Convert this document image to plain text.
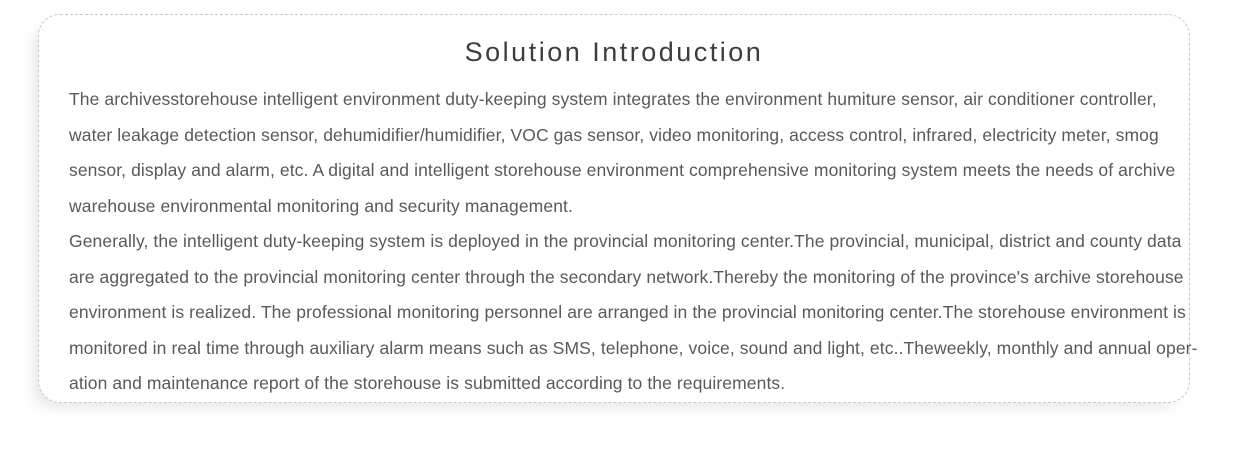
Solution Introduction

The archivesstorehouse intelligent environment duty-keeping system integrates the environment humiture sensor, air conditioner controller,
water leakage detection sensor, dehumidifier/humidifier, VOC gas sensor, video monitoring, access control, infrared, electricity meter, smog
sensor, display and alarm, etc. A digital and intelligent storehouse environment comprehensive monitoring system meets the needs of archive
warehouse environmental monitoring and security management.

Generally, the intelligent duty-keeping system is deployed in the provincial monitoring center.The provincial, municipal, district and county data
are aggregated to the provincial monitoring center through the secondary network.Thereby the monitoring of the province's archive storehouse
environment is realized. The professional monitoring personnel are arranged in the provincial monitoring center.The storehouse environment is
monitored in real time through auxiliary alarm means such as SMS, telephone, voice, sound and light, etc..Theweekly, monthly and annual oper-
ation and maintenance report of the storehouse is submitted according to the requirements.
